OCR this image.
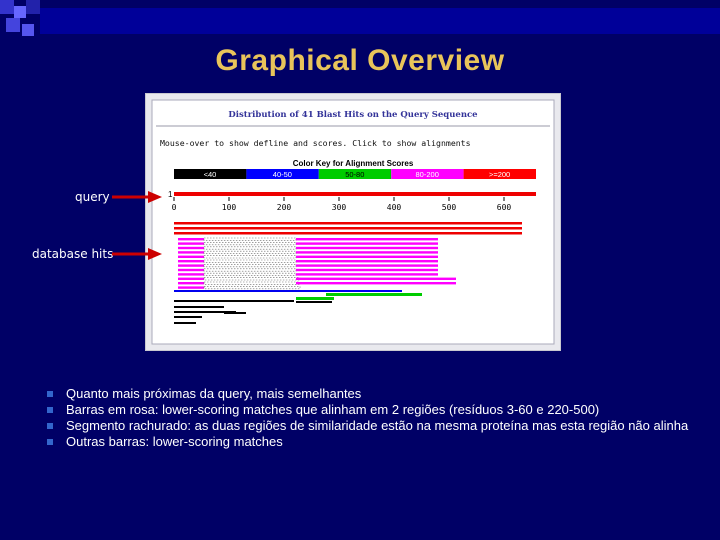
Graphical Overview
Distribution of 41 Blast Hits on the Query Sequence
Mouse-over to show defline and scores. Click to show alignments
Color Key for Alignment Scores
<40	40-50	50-80	80-200	>=200
1
0	100	200	300	400	500	600
query
database hits
Quanto mais próximas da query, mais semelhantes
Barras em rosa: lower-scoring matches que alinham em 2 regiões (resíduos 3-60 e 220-500)
Segmento rachurado: as duas regiões de similaridade estão na mesma proteína mas esta região não alinha
Outras barras: lower-scoring matches
